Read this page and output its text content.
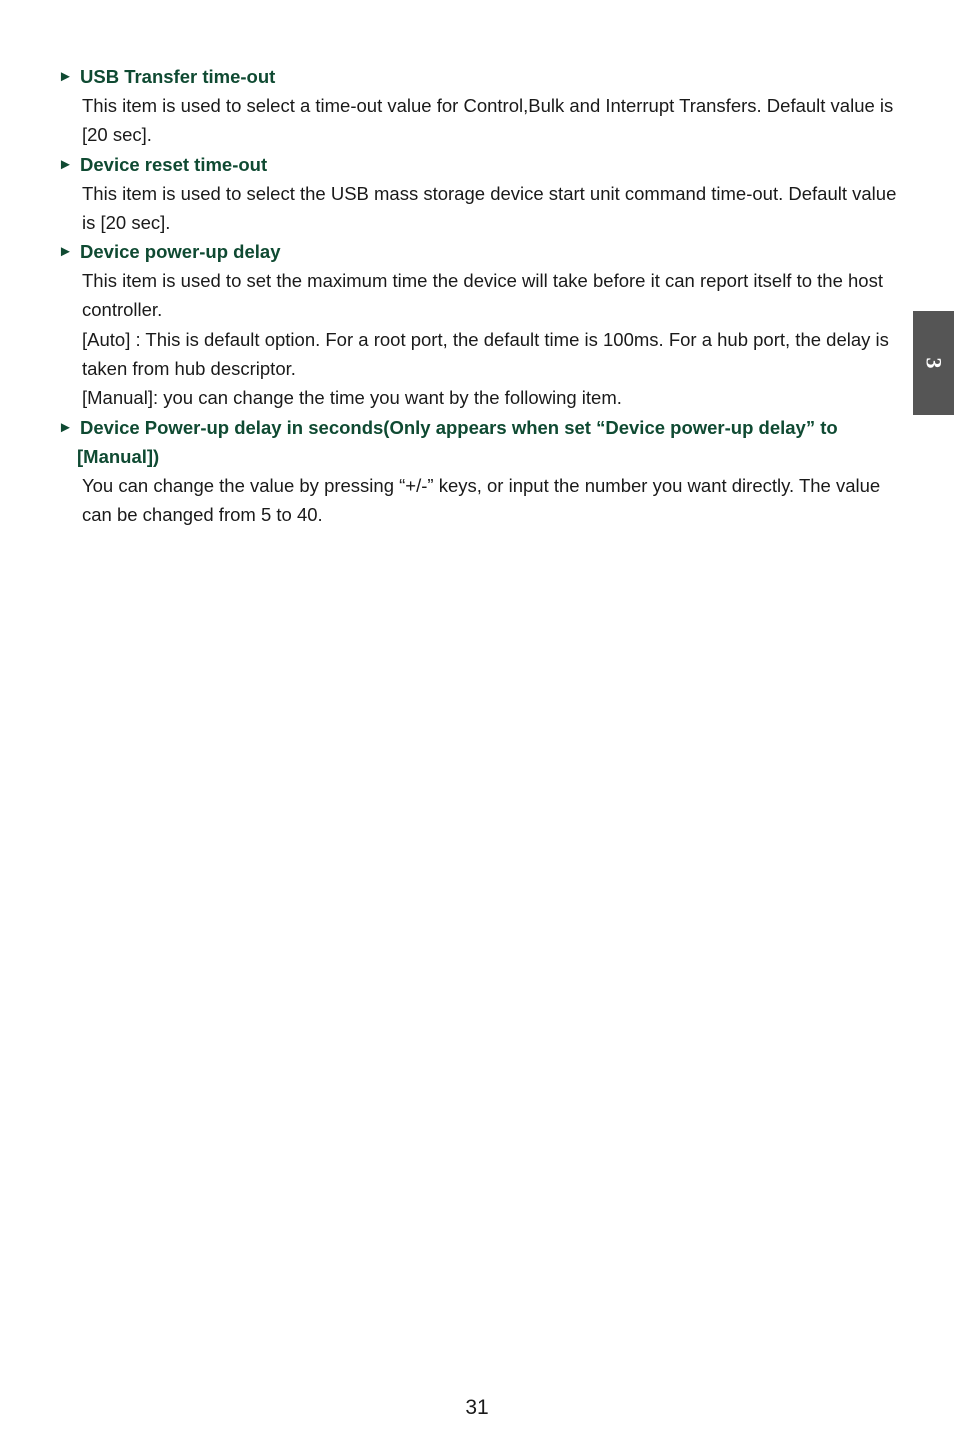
► USB Transfer time-out

This item is used to select a time-out value for Control,Bulk and Interrupt Transfers. Default value is [20 sec].

► Device reset time-out

This item is used to select the USB mass storage device start unit command time-out. Default value is [20 sec].

► Device power-up delay

This item is used to set the maximum time the device will take before it can report itself to the host controller.

[Auto] : This is default option. For a root port, the default time is 100ms. For a hub port, the delay is taken from hub descriptor.

[Manual]: you can change the time you want by the following item.

► Device Power-up delay in seconds(Only appears when set “Device power-up delay” to
[Manual])

You can change the value by pressing “+/-” keys, or input the number you want directly. The value can be changed from 5 to 40.

3
31
